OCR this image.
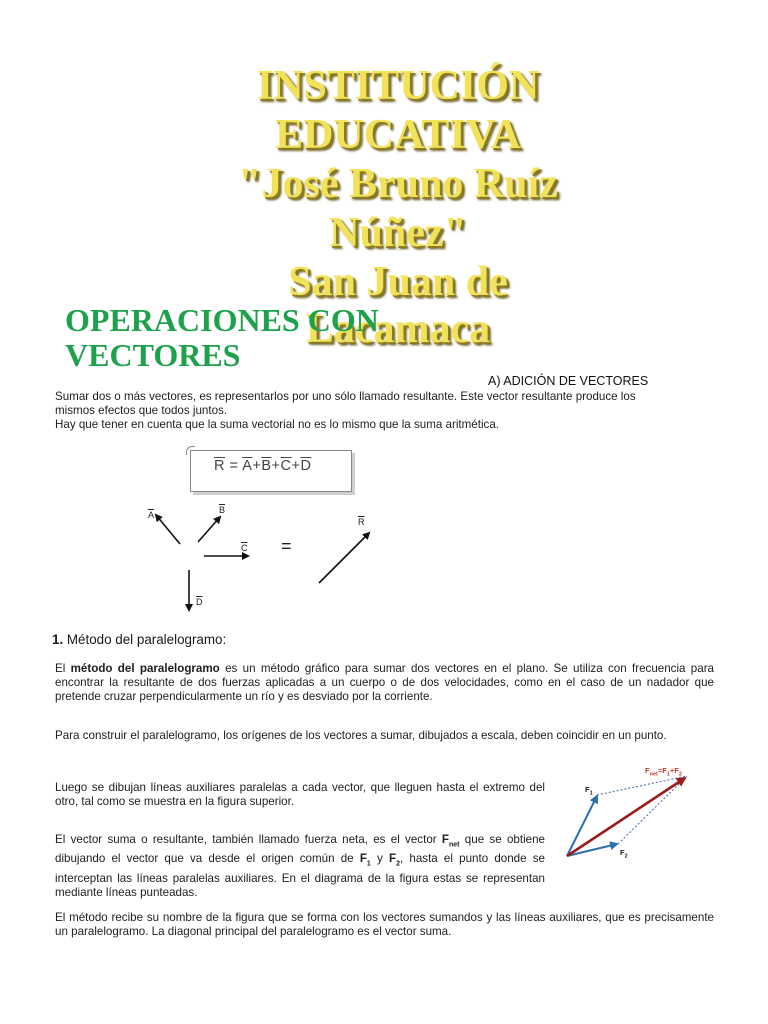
INSTITUCIÓN
EDUCATIVA
"José Bruno Ruíz
Núñez"
San Juan de
Lacamaca
OPERACIONES CON
VECTORES
A) ADICIÓN DE VECTORES
Sumar dos o más vectores, es representarlos por uno sólo llamado resultante. Este vector resultante produce los
mismos efectos que todos juntos.
Hay que tener en cuenta que la suma vectorial no es lo mismo que la suma aritmética.
$\overline{R} = \overline{A}+\overline{B}+\overline{C}+\overline{D}$
$\overline{A}$	$\overline{B}$
$\overline{C}$
$\overline{D}$
$\overline{R}$
=
1. Método del paralelogramo:
El método del paralelogramo es un método gráfico para sumar dos vectores en el plano. Se utiliza con frecuencia para encontrar la resultante de dos fuerzas aplicadas a un cuerpo o de dos velocidades, como en el caso de un nadador que pretende cruzar perpendicularmente un río y es desviado por la corriente.
Para construir el paralelogramo, los orígenes de los vectores a sumar, dibujados a escala, deben coincidir en un punto.
Luego se dibujan líneas auxiliares paralelas a cada vector, que lleguen hasta el extremo del otro, tal como se muestra en la figura superior.
El vector suma o resultante, también llamado fuerza neta, es el vector $F_{net}$ que se obtiene dibujando el vector que va desde el origen común de $F_1$ y $F_2$, hasta el punto donde se interceptan las líneas paralelas auxiliares. En el diagrama de la figura estas se representan mediante líneas punteadas.
El método recibe su nombre de la figura que se forma con los vectores sumandos y las líneas auxiliares, que es precisamente un paralelogramo. La diagonal principal del paralelogramo es el vector suma.
$F_{net}=F_1+F_2$
$F_1$
$F_2$
